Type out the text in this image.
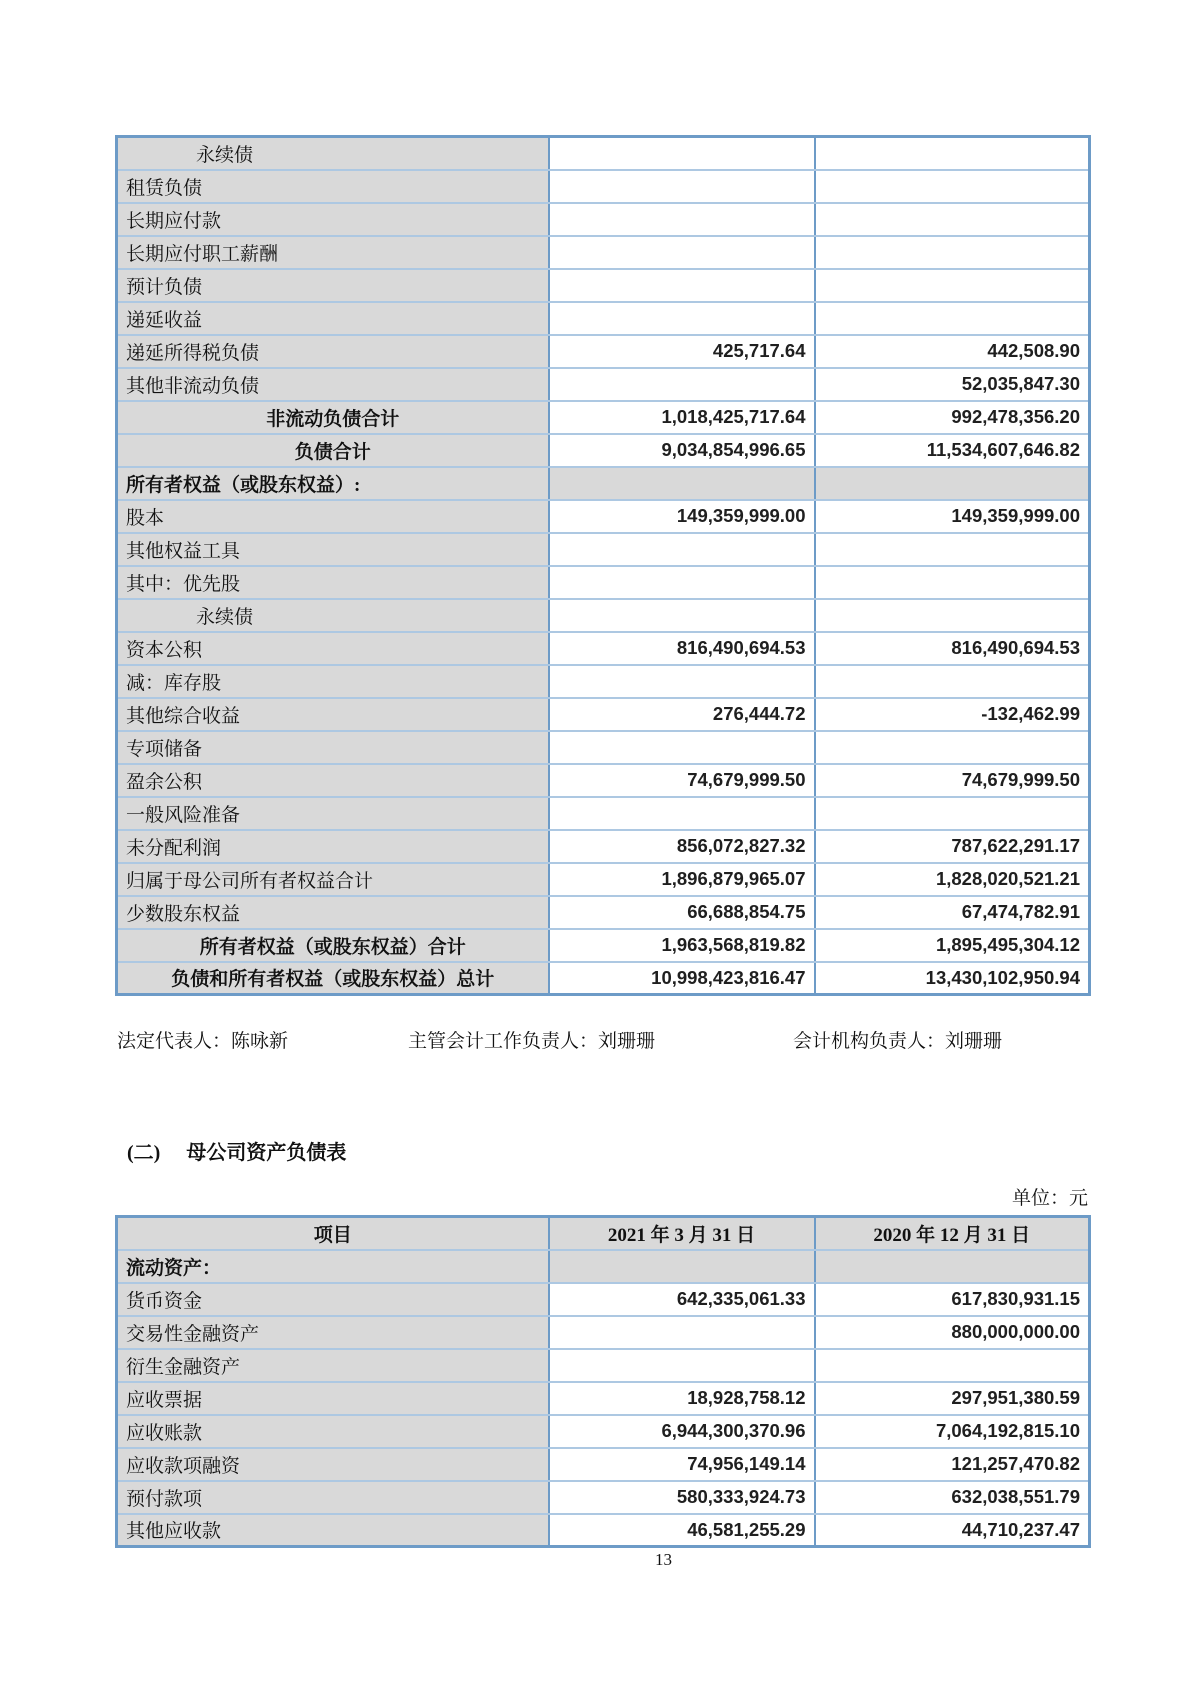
永续债		
租赁负债		
长期应付款		
长期应付职工薪酬		
预计负债		
递延收益		
递延所得税负债	425,717.64	442,508.90
其他非流动负债		52,035,847.30
非流动负债合计	1,018,425,717.64	992,478,356.20
负债合计	9,034,854,996.65	11,534,607,646.82
所有者权益（或股东权益）:		
股本	149,359,999.00	149,359,999.00
其他权益工具		
其中：优先股		
永续债		
资本公积	816,490,694.53	816,490,694.53
减：库存股		
其他综合收益	276,444.72	-132,462.99
专项储备		
盈余公积	74,679,999.50	74,679,999.50
一般风险准备		
未分配利润	856,072,827.32	787,622,291.17
归属于母公司所有者权益合计	1,896,879,965.07	1,828,020,521.21
少数股东权益	66,688,854.75	67,474,782.91
所有者权益（或股东权益）合计	1,963,568,819.82	1,895,495,304.12
负债和所有者权益（或股东权益）总计	10,998,423,816.47	13,430,102,950.94
法定代表人：陈咏新	主管会计工作负责人：刘珊珊	会计机构负责人：刘珊珊
(二) 母公司资产负债表
单位：元
项目	2021 年 3 月 31 日	2020 年 12 月 31 日
流动资产：		
货币资金	642,335,061.33	617,830,931.15
交易性金融资产		880,000,000.00
衍生金融资产		
应收票据	18,928,758.12	297,951,380.59
应收账款	6,944,300,370.96	7,064,192,815.10
应收款项融资	74,956,149.14	121,257,470.82
预付款项	580,333,924.73	632,038,551.79
其他应收款	46,581,255.29	44,710,237.47
13
